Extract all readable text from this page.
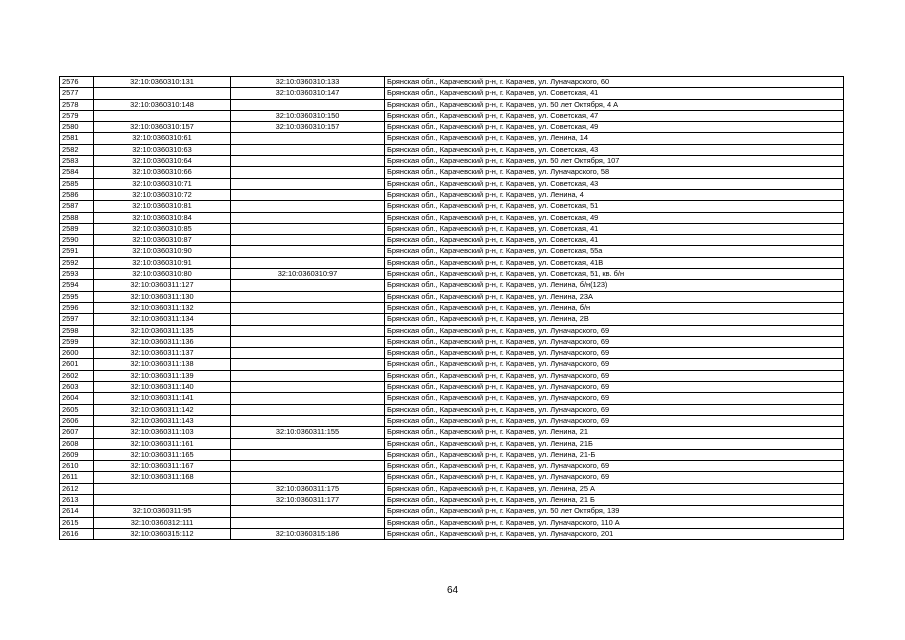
2576	32:10:0360310:131	32:10:0360310:133	Брянская обл., Карачевский р-н, г. Карачев, ул. Луначарского, 60
2577		32:10:0360310:147	Брянская обл., Карачевский р-н, г. Карачев, ул. Советская, 41
2578	32:10:0360310:148		Брянская обл., Карачевский р-н, г. Карачев, ул. 50 лет Октября, 4 А
2579		32:10:0360310:150	Брянская обл., Карачевский р-н, г. Карачев, ул. Советская, 47
2580	32:10:0360310:157	32:10:0360310:157	Брянская обл., Карачевский р-н, г. Карачев, ул. Советская, 49
2581	32:10:0360310:61		Брянская обл., Карачевский р-н, г. Карачев, ул. Ленина, 14
2582	32:10:0360310:63		Брянская обл., Карачевский р-н, г. Карачев, ул. Советская, 43
2583	32:10:0360310:64		Брянская обл., Карачевский р-н, г. Карачев, ул. 50 лет Октября, 107
2584	32:10:0360310:66		Брянская обл., Карачевский р-н, г. Карачев, ул. Луначарского, 58
2585	32:10:0360310:71		Брянская обл., Карачевский р-н, г. Карачев, ул. Советская, 43
2586	32:10:0360310:72		Брянская обл., Карачевский р-н, г. Карачев, ул. Ленина, 4
2587	32:10:0360310:81		Брянская обл., Карачевский р-н, г. Карачев, ул. Советская, 51
2588	32:10:0360310:84		Брянская обл., Карачевский р-н, г. Карачев, ул. Советская, 49
2589	32:10:0360310:85		Брянская обл., Карачевский р-н, г. Карачев, ул. Советская, 41
2590	32:10:0360310:87		Брянская обл., Карачевский р-н, г. Карачев, ул. Советская, 41
2591	32:10:0360310:90		Брянская обл., Карачевский р-н, г. Карачев, ул. Советская, 55а
2592	32:10:0360310:91		Брянская обл., Карачевский р-н, г. Карачев, ул. Советская, 41В
2593	32:10:0360310:80	32:10:0360310:97	Брянская обл., Карачевский р-н, г. Карачев, ул. Советская, 51, кв. б/н
2594	32:10:0360311:127		Брянская обл., Карачевский р-н, г. Карачев, ул. Ленина, б/н(123)
2595	32:10:0360311:130		Брянская обл., Карачевский р-н, г. Карачев, ул. Ленина, 23А
2596	32:10:0360311:132		Брянская обл., Карачевский р-н, г. Карачев, ул. Ленина, б/н
2597	32:10:0360311:134		Брянская обл., Карачевский р-н, г. Карачев, ул. Ленина, 2В
2598	32:10:0360311:135		Брянская обл., Карачевский р-н, г. Карачев, ул. Луначарского, 69
2599	32:10:0360311:136		Брянская обл., Карачевский р-н, г. Карачев, ул. Луначарского, 69
2600	32:10:0360311:137		Брянская обл., Карачевский р-н, г. Карачев, ул. Луначарского, 69
2601	32:10:0360311:138		Брянская обл., Карачевский р-н, г. Карачев, ул. Луначарского, 69
2602	32:10:0360311:139		Брянская обл., Карачевский р-н, г. Карачев, ул. Луначарского, 69
2603	32:10:0360311:140		Брянская обл., Карачевский р-н, г. Карачев, ул. Луначарского, 69
2604	32:10:0360311:141		Брянская обл., Карачевский р-н, г. Карачев, ул. Луначарского, 69
2605	32:10:0360311:142		Брянская обл., Карачевский р-н, г. Карачев, ул. Луначарского, 69
2606	32:10:0360311:143		Брянская обл., Карачевский р-н, г. Карачев, ул. Луначарского, 69
2607	32:10:0360311:103	32:10:0360311:155	Брянская обл., Карачевский р-н, г. Карачев, ул. Ленина, 21
2608	32:10:0360311:161		Брянская обл., Карачевский р-н, г. Карачев, ул. Ленина, 21Б
2609	32:10:0360311:165		Брянская обл., Карачевский р-н, г. Карачев, ул. Ленина, 21-Б
2610	32:10:0360311:167		Брянская обл., Карачевский р-н, г. Карачев, ул. Луначарского, 69
2611	32:10:0360311:168		Брянская обл., Карачевский р-н, г. Карачев, ул. Луначарского, 69
2612		32:10:0360311:175	Брянская обл., Карачевский р-н, г. Карачев, ул. Ленина, 25 А
2613		32:10:0360311:177	Брянская обл., Карачевский р-н, г. Карачев, ул. Ленина, 21 Б
2614	32:10:0360311:95		Брянская обл., Карачевский р-н, г. Карачев, ул. 50 лет Октября, 139
2615	32:10:0360312:111		Брянская обл., Карачевский р-н, г. Карачев, ул. Луначарского, 110 А
2616	32:10:0360315:112	32:10:0360315:186	Брянская обл., Карачевский р-н, г. Карачев, ул. Луначарского, 201
64
